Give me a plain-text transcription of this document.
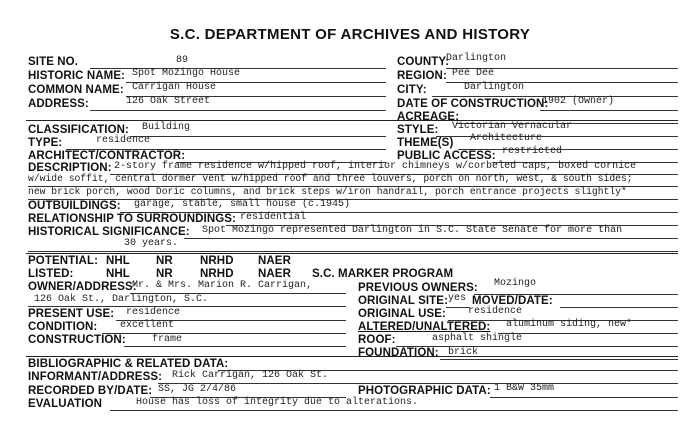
S.C. DEPARTMENT OF ARCHIVES AND HISTORY
SITE NO.	89	COUNTY:
Darlington
HISTORIC NAME: Spot Mozingo House	REGION: Pee Dee
COMMON NAME: Carrigan House	CITY:	Darlington
ADDRESS:	126 Oak Street	DATE OF CONSTRUCTION:
1902 (Owner)
ACREAGE:
CLASSIFICATION: Building	STYLE: Victorian Vernacular
TYPE:	residence	THEME(S) Architecture
ARCHITECT/CONTRACTOR:	PUBLIC ACCESS: restricted
DESCRIPTION: 2-story frame residence w/hipped roof, interior chimneys w/corbeled caps, boxed cornice
w/wide soffit, central dormer vent w/hipped roof and three louvers, porch on north, west, & south sides;
new brick porch, wood Doric columns, and brick steps w/iron handrail, porch entrance projects slightly*
OUTBUILDINGS: garage, stable, small house (c.1945)
RELATIONSHIP TO SURROUNDINGS: residential
HISTORICAL SIGNIFICANCE: Spot Mozingo represented Darlington in S.C. State Senate for more than
30 years.
POTENTIAL: NHL NR NRHD NAER
LISTED:	NHL NR NRHD NAER S.C. MARKER PROGRAM
OWNER/ADDRESS:
Mr. & Mrs. Marion R. Carrigan,
126 Oak St., Darlington, S.C.
PREVIOUS OWNERS: Mozingo
ORIGINAL SITE: yes MOVED/DATE:
PRESENT USE: residence	ORIGINAL USE: residence
CONDITION: excellent	ALTERED/UNALTERED: aluminum siding, new*
CONSTRUCTION:	frame	ROOF:	asphalt shingle
FOUNDATION: brick
BIBLIOGRAPHIC & RELATED DATA:
INFORMANT/ADDRESS: Rick Carrigan, 126 Oak St.
RECORDED BY/DATE: SS, JG 2/4/86	PHOTOGRAPHIC DATA: 1 B&W 35mm
EVALUATION	House has loss of integrity due to alterations.
